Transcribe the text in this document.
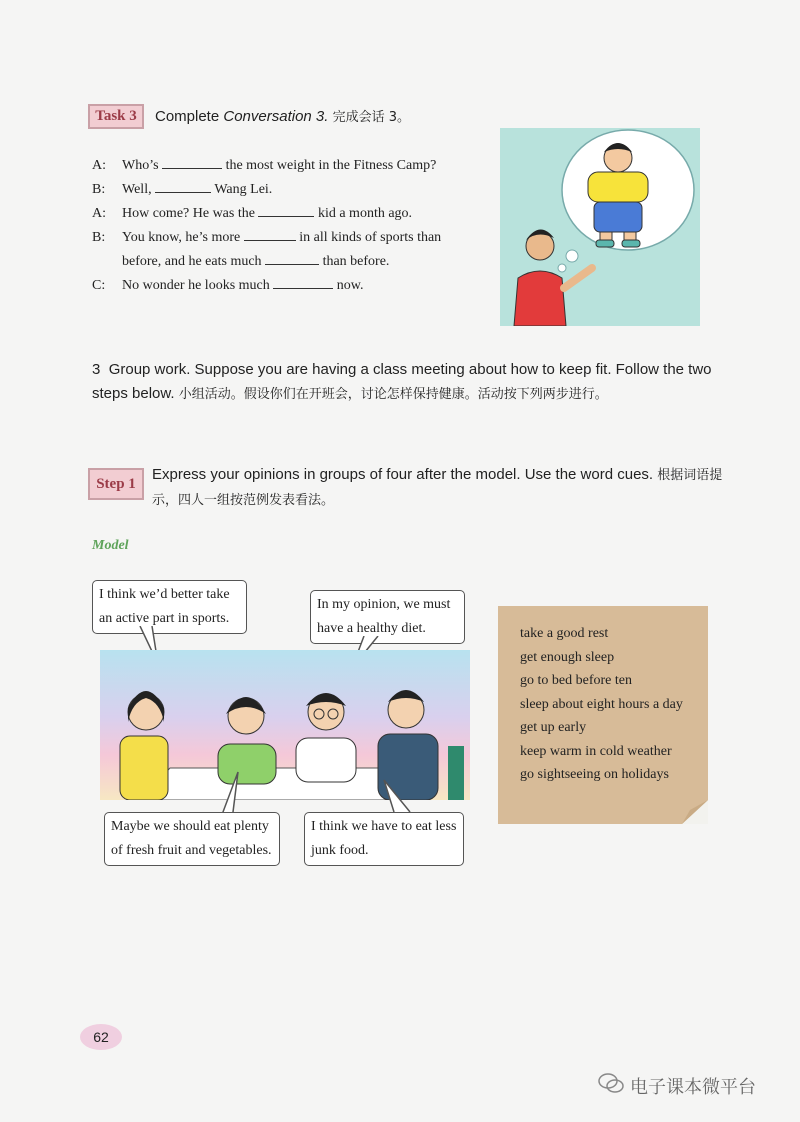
Task 3	Complete Conversation 3. 完成会话 3。
A: Who’s	the most weight in the Fitness Camp?
B: Well,	Wang Lei.
A: How come? He was the	kid a month ago.
B: You know, he’s more	in all kinds of sports than
before, and he eats much	than before.
C: No wonder he looks much	now.
3 Group work. Suppose you are having a class meeting about how to keep fit. Follow the two steps below. 小组活动。假设你们在开班会，讨论怎样保持健康。活动按下列两步进行。
Step 1
Express your opinions in groups of four after the model. Use the word cues. 根据词语提示，四人一组按范例发表看法。
Model
I think we’d better take an active part in sports.
In my opinion, we must have a healthy diet.
Maybe we should eat plenty of fresh fruit and vegetables.
I think we have to eat less junk food.
take a good rest
get enough sleep
go to bed before ten
sleep about eight hours a day
get up early
keep warm in cold weather
go sightseeing on holidays
62
电子课本微平台
